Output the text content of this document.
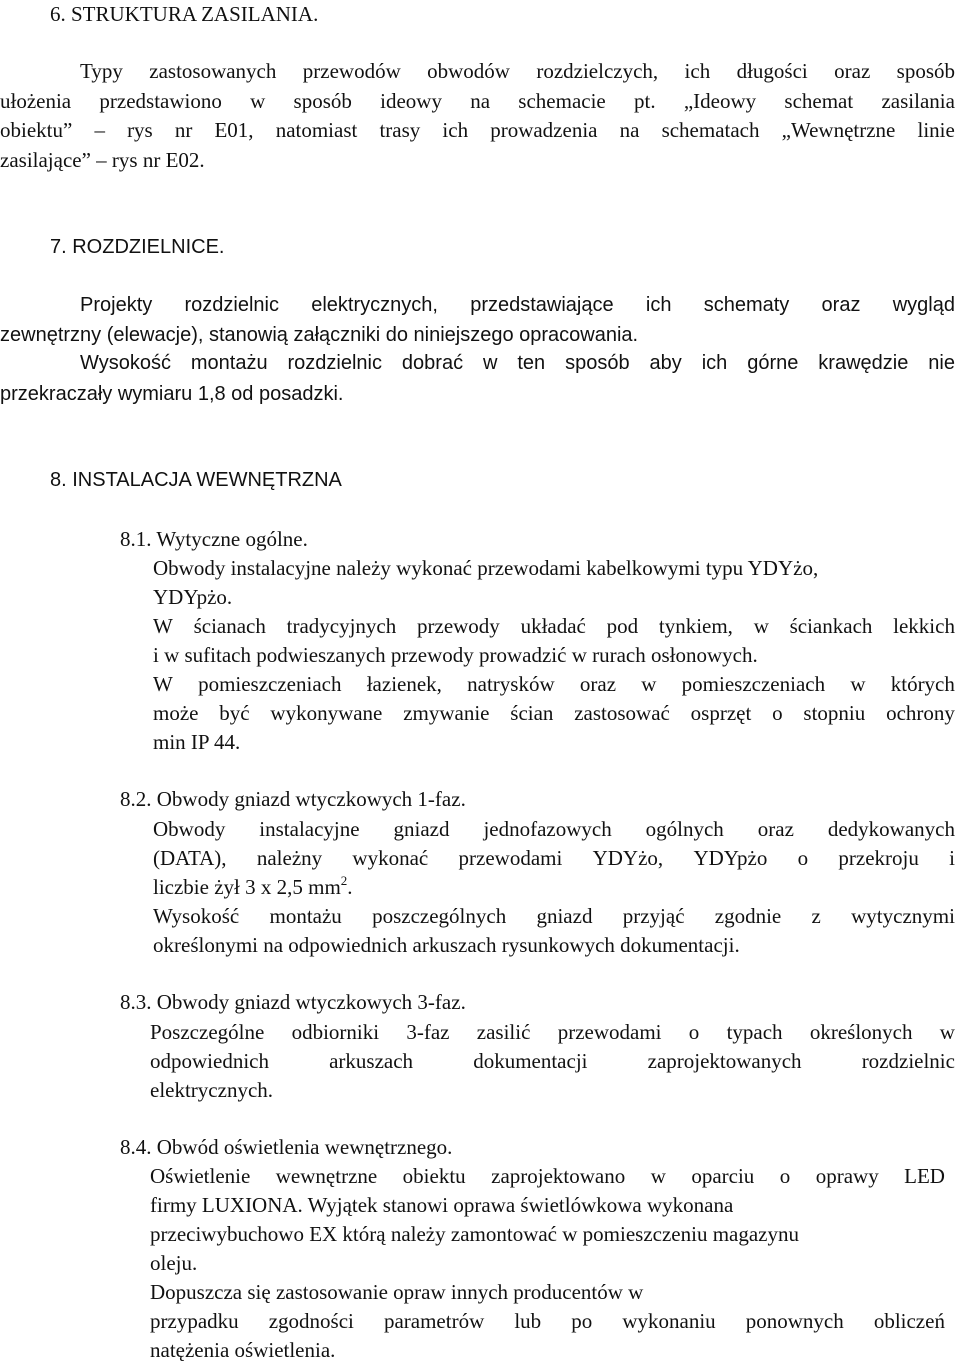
6. STRUKTURA ZASILANIA.
Typy zastosowanych przewodów obwodów rozdzielczych, ich długości oraz sposób
ułożenia przedstawiono w sposób ideowy na schemacie pt. „Ideowy schemat zasilania
obiektu” – rys nr E01, natomiast trasy ich prowadzenia na schematach „Wewnętrzne linie
zasilające” – rys nr E02.
7. ROZDZIELNICE.
Projekty rozdzielnic elektrycznych, przedstawiające ich schematy oraz wygląd
zewnętrzny (elewacje), stanowią załączniki do niniejszego opracowania.
Wysokość montażu rozdzielnic dobrać w ten sposób aby ich górne krawędzie nie
przekraczały wymiaru 1,8 od posadzki.
8. INSTALACJA WEWNĘTRZNA
8.1. Wytyczne ogólne.
Obwody instalacyjne należy wykonać przewodami kabelkowymi typu YDYżo,
YDYpżo.
W ścianach tradycyjnych przewody układać pod tynkiem, w ściankach lekkich
i w sufitach podwieszanych przewody prowadzić w rurach osłonowych.
W pomieszczeniach łazienek, natrysków oraz w pomieszczeniach w których
może być wykonywane zmywanie ścian zastosować osprzęt o stopniu ochrony
min IP 44.
8.2. Obwody gniazd wtyczkowych 1-faz.
Obwody instalacyjne gniazd jednofazowych ogólnych oraz dedykowanych
(DATA), należny wykonać przewodami YDYżo, YDYpżo o przekroju i
liczbie żył 3 x 2,5 $mm^2$.
Wysokość montażu poszczególnych gniazd przyjąć zgodnie z wytycznymi
określonymi na odpowiednich arkuszach rysunkowych dokumentacji.
8.3. Obwody gniazd wtyczkowych 3-faz.
Poszczególne odbiorniki 3-faz zasilić przewodami o typach określonych w
odpowiednich	arkuszach	dokumentacji	zaprojektowanych	rozdzielnic
elektrycznych.
8.4. Obwód oświetlenia wewnętrznego.
Oświetlenie wewnętrzne obiektu zaprojektowano w oparciu o oprawy LED
firmy LUXIONA. Wyjątek stanowi oprawa świetlówkowa wykonana
przeciwybuchowo EX którą należy zamontować w pomieszczeniu magazynu
oleju.
Dopuszcza się zastosowanie opraw innych producentów w
przypadku zgodności parametrów lub po wykonaniu ponownych obliczeń
natężenia oświetlenia.
